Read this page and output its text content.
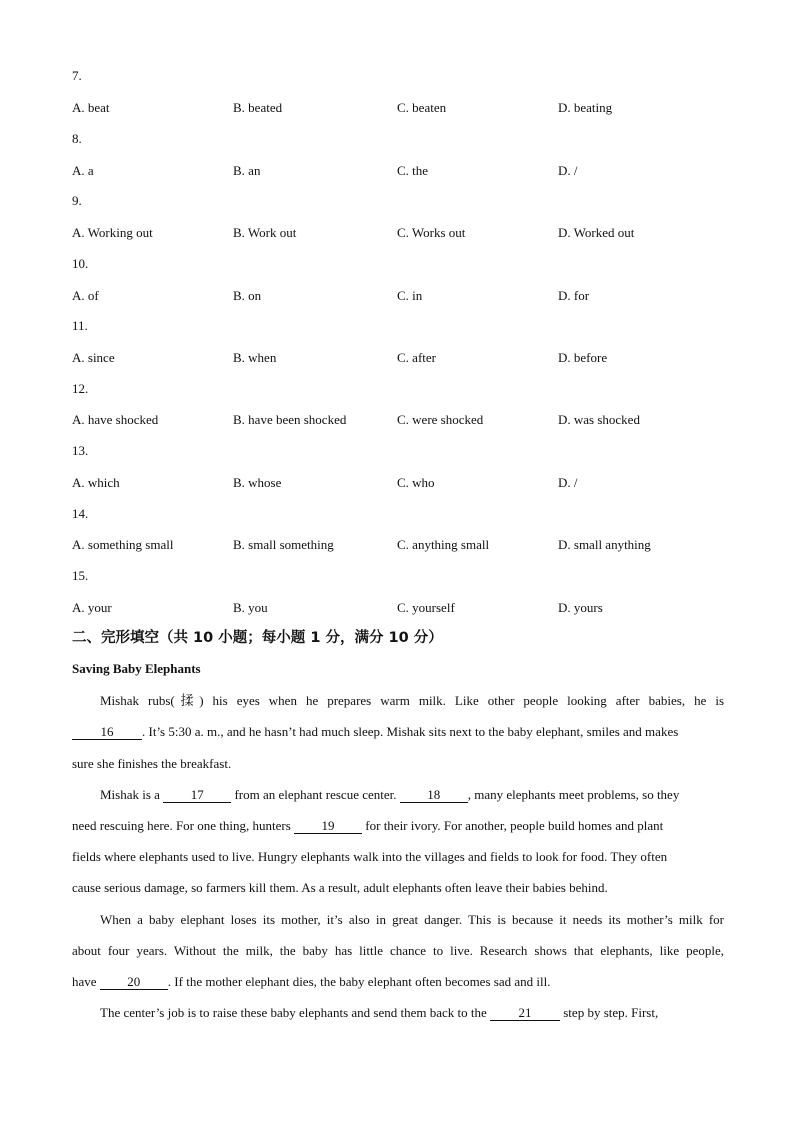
7.
A. beat	B. beated	C. beaten	D. beating
8.
A. a	B. an	C. the	D. /
9.
A. Working out	B. Work out	C. Works out	D. Worked out
10.
A. of	B. on	C. in	D. for
11.
A. since	B. when	C. after	D. before
12.
A. have shocked	B. have been shocked	C. were shocked	D. was shocked
13.
A. which	B. whose	C. who	D. /
14.
A. something small	B. small something	C. anything small	D. small anything
15.
A. your	B. you	C. yourself	D. yours
二、完形填空（共 10 小题；每小题 1 分，满分 10 分）
Saving Baby Elephants
Mishak rubs(揉) his eyes when he prepares warm milk. Like other people looking after babies, he is
16 . It’s 5:30 a. m., and he hasn’t had much sleep. Mishak sits next to the baby elephant, smiles and makes
sure she finishes the breakfast.
Mishak is a 17 from an elephant rescue center. 18 , many elephants meet problems, so they
need rescuing here. For one thing, hunters 19 for their ivory. For another, people build homes and plant
fields where elephants used to live. Hungry elephants walk into the villages and fields to look for food. They often
cause serious damage, so farmers kill them. As a result, adult elephants often leave their babies behind.
When a baby elephant loses its mother, it’s also in great danger. This is because it needs its mother’s milk for
about four years. Without the milk, the baby has little chance to live. Research shows that elephants, like people,
have 20 . If the mother elephant dies, the baby elephant often becomes sad and ill.
The center’s job is to raise these baby elephants and send them back to the 21 step by step. First,
